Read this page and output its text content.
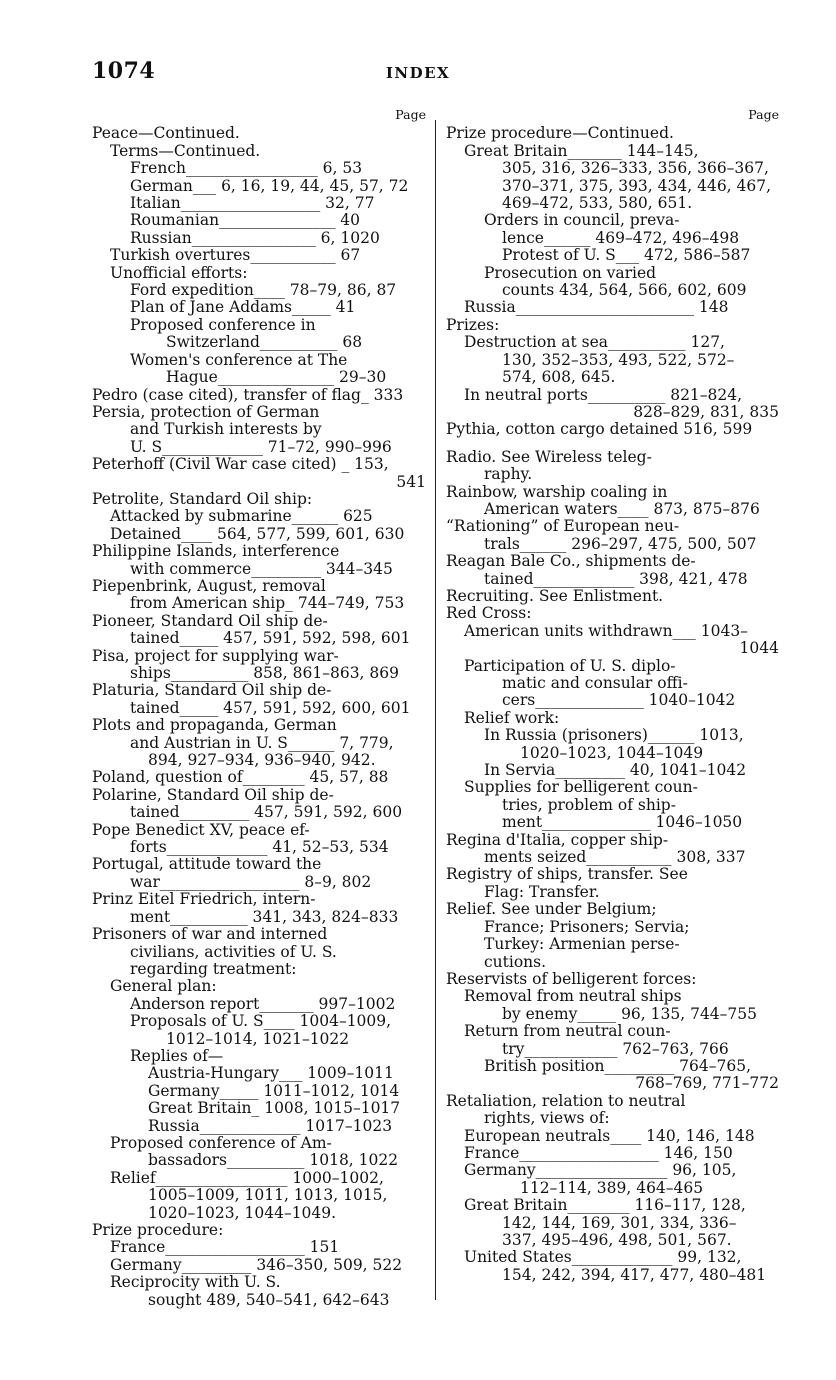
1074	INDEX
Page
Peace—Continued.
Terms—Continued.
French_________________ 6, 53
German___ 6, 16, 19, 44, 45, 57, 72
Italian__________________ 32, 77
Roumanian_______________ 40
Russian________________ 6, 1020
Turkish overtures___________ 67
Unofficial efforts:
Ford expedition____ 78–79, 86, 87
Plan of Jane Addams_____ 41
Proposed conference in
Switzerland__________ 68
Women's conference at The
Hague_______________ 29–30
Pedro (case cited), transfer of flag_ 333
Persia, protection of German
and Turkish interests by
U. S_____________ 71–72, 990–996
Peterhoff (Civil War case cited) _ 153,
541
Petrolite, Standard Oil ship:
Attacked by submarine______ 625
Detained____ 564, 577, 599, 601, 630
Philippine Islands, interference
with commerce_________ 344–345
Piepenbrink, August, removal
from American ship_ 744–749, 753
Pioneer, Standard Oil ship de-
tained_____ 457, 591, 592, 598, 601
Pisa, project for supplying war-
ships__________ 858, 861–863, 869
Platuria, Standard Oil ship de-
tained_____ 457, 591, 592, 600, 601
Plots and propaganda, German
and Austrian in U. S______ 7, 779,
894, 927–934, 936–940, 942.
Poland, question of________ 45, 57, 88
Polarine, Standard Oil ship de-
tained_________ 457, 591, 592, 600
Pope Benedict XV, peace ef-
forts_____________ 41, 52–53, 534
Portugal, attitude toward the
war__________________ 8–9, 802
Prinz Eitel Friedrich, intern-
ment__________ 341, 343, 824–833
Prisoners of war and interned
civilians, activities of U. S.
regarding treatment:
General plan:
Anderson report_______ 997–1002
Proposals of U. S____ 1004–1009,
1012–1014, 1021–1022
Replies of—
Austria-Hungary___ 1009–1011
Germany_____ 1011–1012, 1014
Great Britain_ 1008, 1015–1017
Russia_____________ 1017–1023
Proposed conference of Am-
bassadors__________ 1018, 1022
Relief_________________ 1000–1002,
1005–1009, 1011, 1013, 1015,
1020–1023, 1044–1049.
Prize procedure:
France__________________ 151
Germany_________ 346–350, 509, 522
Reciprocity with U. S.
sought 489, 540–541, 642–643
Page
Prize procedure—Continued.
Great Britain_______ 144–145,
305, 316, 326–333, 356, 366–367,
370–371, 375, 393, 434, 446, 467,
469–472, 533, 580, 651.
Orders in council, preva-
lence______ 469–472, 496–498
Protest of U. S___ 472, 586–587
Prosecution on varied
counts 434, 564, 566, 602, 609
Russia_______________________ 148
Prizes:
Destruction at sea__________ 127,
130, 352–353, 493, 522, 572–
574, 608, 645.
In neutral ports__________ 821–824,
828–829, 831, 835
Pythia, cotton cargo detained 516, 599
Radio. See Wireless teleg-
raphy.
Rainbow, warship coaling in
American waters____ 873, 875–876
“Rationing” of European neu-
trals______ 296–297, 475, 500, 507
Reagan Bale Co., shipments de-
tained_____________ 398, 421, 478
Recruiting. See Enlistment.
Red Cross:
American units withdrawn___ 1043–
1044
Participation of U. S. diplo-
matic and consular offi-
cers______________ 1040–1042
Relief work:
In Russia (prisoners)______ 1013,
1020–1023, 1044–1049
In Servia_________ 40, 1041–1042
Supplies for belligerent coun-
tries, problem of ship-
ment______________ 1046–1050
Regina d'Italia, copper ship-
ments seized___________ 308, 337
Registry of ships, transfer. See
Flag: Transfer.
Relief. See under Belgium;
France; Prisoners; Servia;
Turkey: Armenian perse-
cutions.
Reservists of belligerent forces:
Removal from neutral ships
by enemy_____ 96, 135, 744–755
Return from neutral coun-
try____________ 762–763, 766
British position_________ 764–765,
768–769, 771–772
Retaliation, relation to neutral
rights, views of:
European neutrals____ 140, 146, 148
France__________________ 146, 150
Germany_________________ 96, 105,
112–114, 389, 464–465
Great Britain________ 116–117, 128,
142, 144, 169, 301, 334, 336–
337, 495–496, 498, 501, 567.
United States_____________ 99, 132,
154, 242, 394, 417, 477, 480–481
